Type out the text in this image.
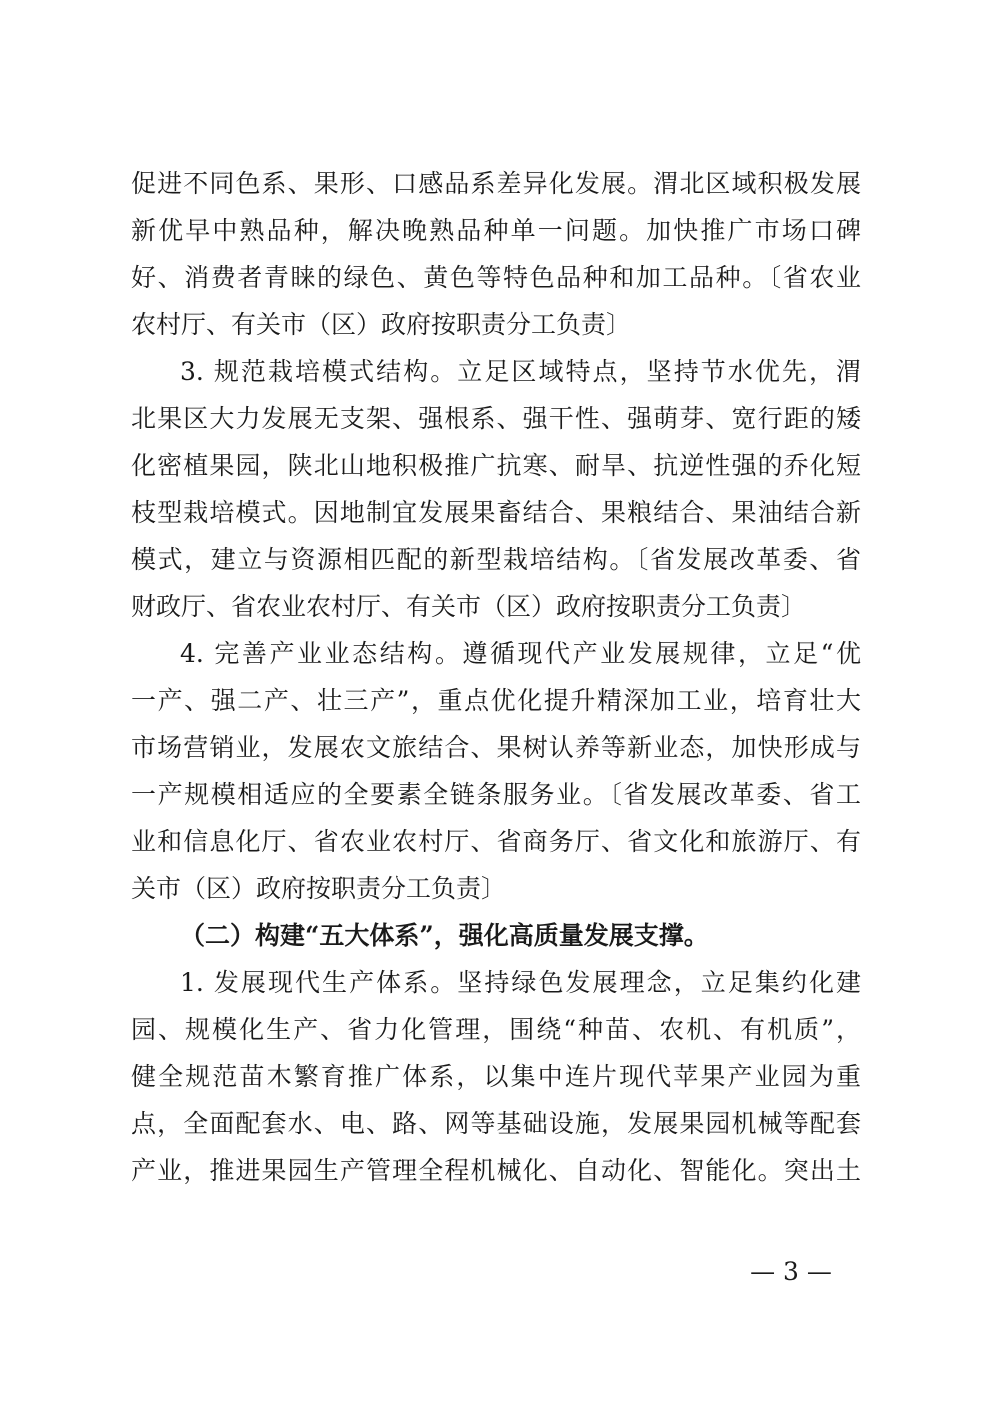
促进不同色系、果形、口感品系差异化发展。渭北区域积极发展
新优早中熟品种，解决晚熟品种单一问题。加快推广市场口碑
好、消费者青睐的绿色、黄色等特色品种和加工品种。〔省农业
农村厅、有关市（区）政府按职责分工负责〕
3. 规范栽培模式结构。立足区域特点，坚持节水优先，渭
北果区大力发展无支架、强根系、强干性、强萌芽、宽行距的矮
化密植果园，陕北山地积极推广抗寒、耐旱、抗逆性强的乔化短
枝型栽培模式。因地制宜发展果畜结合、果粮结合、果油结合新
模式，建立与资源相匹配的新型栽培结构。〔省发展改革委、省
财政厅、省农业农村厅、有关市（区）政府按职责分工负责〕
4. 完善产业业态结构。遵循现代产业发展规律，立足“优
一产、强二产、壮三产”，重点优化提升精深加工业，培育壮大
市场营销业，发展农文旅结合、果树认养等新业态，加快形成与
一产规模相适应的全要素全链条服务业。〔省发展改革委、省工
业和信息化厅、省农业农村厅、省商务厅、省文化和旅游厅、有
关市（区）政府按职责分工负责〕
（二）构建“五大体系”，强化高质量发展支撑。
1. 发展现代生产体系。坚持绿色发展理念，立足集约化建
园、规模化生产、省力化管理，围绕“种苗、农机、有机质”，
健全规范苗木繁育推广体系，以集中连片现代苹果产业园为重
点，全面配套水、电、路、网等基础设施，发展果园机械等配套
产业，推进果园生产管理全程机械化、自动化、智能化。突出土
— 3 —
